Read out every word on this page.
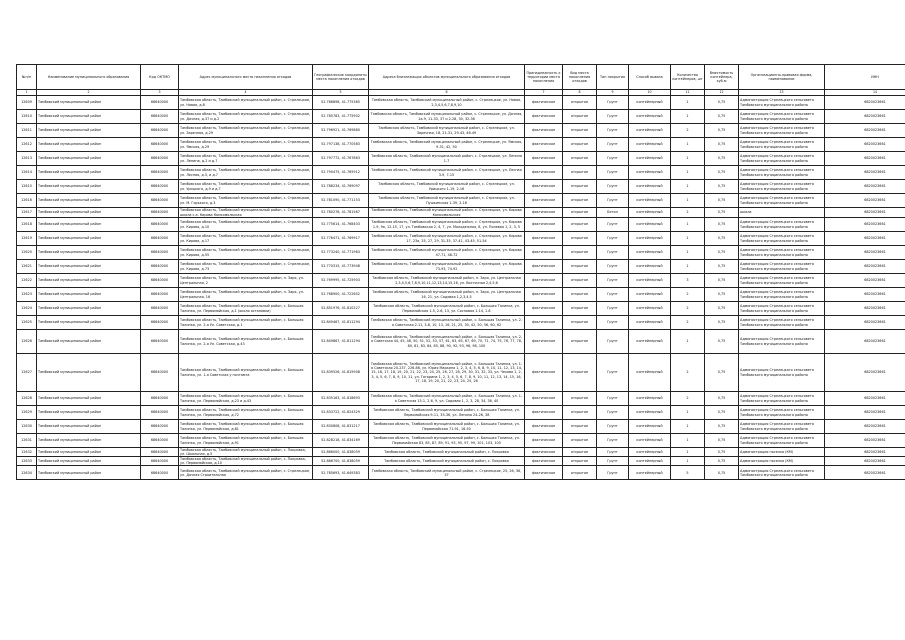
№п/п	Наименование муниципального образования	Код ОКТМО	Адрес муниципального места накопления отходов	Географические координаты места накопления отходов	Адреса близлежащих объектов муниципального образования отходов	Принадлежность к территории места накопления	Вид места накопления отходов	Тип покрытия	Способ вывоза	Количество контейнеров, шт	Вместимость контейнера, куб.м	Организационно-правовая форма, наименование	ИНН
1	2	3	4	5	6	7	8	9	10	11	12	13	14
12609	Тамбовский муниципальный район	68640000	Тамбовская область, Тамбовский муниципальный район, с. Стрелецкое, ул. Новая, д.8	52.786898, 41.775365	Тамбовская область, Тамбовский муниципальный район, с. Стрелецкое, ул. Новая, 2,3,4,5,6,7,8,9,10	фактическое	открытое	Грунт	контейнерный	1	0,75	Администрация Стрелецкого сельсовета Тамбовского муниципального района	6820023661
12610	Тамбовский муниципальный район	68640000	Тамбовская область, Тамбовский муниципальный район, с. Стрелецкое, ул. Дачная, д.37 и д.2	52.785783, 41.775902	Тамбовская область, Тамбовский муниципальный район, с. Стрелецкое, ул. Дачная, 1а-9, 11-33, 37 и 2-28, 30, 32-36	фактическое	открытое	Грунт	контейнерный	1	0,75	Администрация Стрелецкого сельсовета Тамбовского муниципального района	6820023661
12611	Тамбовский муниципальный район	68640000	Тамбовская область, Тамбовский муниципальный район, с. Стрелецкое, ул. Заречная, д.29	52.796921, 41.769880	Тамбовская область, Тамбовский муниципальный район, с. Стрелецкое, ул. Заречная, 18, 21-31, 29-43, 46-49	фактическое	открытое	Грунт	контейнерный	2	0,75	Администрация Стрелецкого сельсовета Тамбовского муниципального района	6820023661
12612	Тамбовский муниципальный район	68640000	Тамбовская область, Тамбовский муниципальный район, с. Стрелецкое, ул. Ямская, д.29	52.797138, 41.770583	Тамбовская область, Тамбовский муниципальный район, с. Стрелецкое, ул. Ямская, 9-31, 42, 50	фактическое	открытое	Грунт	контейнерный	1	0,75	Администрация Стрелецкого сельсовета Тамбовского муниципального района	6820023661
12613	Тамбовский муниципальный район	68640000	Тамбовская область, Тамбовский муниципальный район, с. Стрелецкое, ул. Ленина, д.2 и д.7	52.797772, 41.767863	Тамбовская область, Тамбовский муниципальный район, с. Стрелецкое, ул. Ленина 1-7	фактическое	открытое	Грунт	контейнерный	1	0,75	Администрация Стрелецкого сельсовета Тамбовского муниципального района	6820023661
12614	Тамбовский муниципальный район	68640000	Тамбовская область, Тамбовский муниципальный район, с. Стрелецкое, ул. Лесная, д.3, и д.7	52.790475, 41.765912	Тамбовская область, Тамбовский муниципальный район, с. Стрелецкое, ул. Лесная 3-9, 7-15	фактическое	открытое	Грунт	контейнерный	1	0,75	Администрация Стрелецкого сельсовета Тамбовского муниципального района	6820023661
12615	Тамбовский муниципальный район	68640000	Тамбовская область, Тамбовский муниципальный район, с. Стрелецкое, ул. Урицкого, д.9 и д.7	52.788234, 41.769097	Тамбовская область, Тамбовский муниципальный район, с. Стрелецкое, ул. Урицкого 1-19, 2-16	фактическое	открытое	Грунт	контейнерный	1	0,75	Администрация Стрелецкого сельсовета Тамбовского муниципального района	6820023661
12616	Тамбовский муниципальный район	68640000	Тамбовская область, Тамбовский муниципальный район, с. Стрелецкое, ул. М. Горького, д.3	52.781090, 41.771153	Тамбовская область, Тамбовский муниципальный район, с. Стрелецкое, ул. Пушкинская 1-39, 2-16	фактическое	открытое	Грунт	контейнерный	1	0,75	Администрация Стрелецкого сельсовета Тамбовского муниципального района	6820023661
12617	Тамбовский муниципальный район	68640000	Тамбовская область, Тамбовский муниципальный район, с. Стрелецкое школа с.а. Кирова Комсомольская	52.780278, 41.781567	Тамбовская область, Тамбовский муниципальный район, с. Стрелецкое, ул. Кирова Комсомольская	фактическое	открытое	Бетон	контейнерный	2	0,75	школа	6820023661
12618	Тамбовский муниципальный район	68640000	Тамбовская область, Тамбовский муниципальный район, с. Стрелецкое, ул. Кирова, д.10	52.775614, 41.768403	Тамбовская область, Тамбовский муниципальный район, с. Стрелецкое, ул. Кирова 1-9, 9а, 12-15, 17, ул. Тамбовская 2, 4, 7, ул. Молодежная, 8, ул. Полевая 1, 2, 3, 5	фактическое	открытое	Грунт	контейнерный	1	0,75	Администрация Стрелецкого сельсовета Тамбовского муниципального района	6820023661
12619	Тамбовский муниципальный район	68640000	Тамбовская область, Тамбовский муниципальный район, с. Стрелецкое, ул. Кирова, д.17	52.776471, 41.769917	Тамбовская область, Тамбовский муниципальный район, с. Стрелецкое, ул. Кирова 17, 23а, 25, 27, 29, 31-35, 37-41, 43-45, 51-54	фактическое	открытое	Грунт	контейнерный	1	0,75	Администрация Стрелецкого сельсовета Тамбовского муниципального района	6820023661
12620	Тамбовский муниципальный район	68640000	Тамбовская область, Тамбовский муниципальный район, с. Стрелецкое, ул. Кирова, д.55	52.773240, 41.771963	Тамбовская область, Тамбовский муниципальный район, с. Стрелецкое, ул. Кирова 47-71, 48-72	фактическое	открытое	Грунт	контейнерный	1	0,75	Администрация Стрелецкого сельсовета Тамбовского муниципального района	6820023661
12621	Тамбовский муниципальный район	68640000	Тамбовская область, Тамбовский муниципальный район, с. Стрелецкое, ул. Кирова, д.73	52.770315, 41.773948	Тамбовская область, Тамбовский муниципальный район, с. Стрелецкое, ул. Кирова 73-93, 74-92	фактическое	открытое	Грунт	контейнерный	1	0,75	Администрация Стрелецкого сельсовета Тамбовского муниципального района	6820023661
12622	Тамбовский муниципальный район	68640000	Тамбовская область, Тамбовский муниципальный район, п. Заря, ул. Центральная, 2	52.769995, 41.725903	Тамбовская область, Тамбовский муниципальный район, п. Заря, ул. Центральная 2,3,4,5,6,7,8,9,10,11,12,13,14,15,16, ул. Восточная 2,4,5,6	фактическое	открытое	Грунт	контейнерный	3	0,75	Администрация Стрелецкого сельсовета Тамбовского муниципального района	6820023661
12623	Тамбовский муниципальный район	68640000	Тамбовская область, Тамбовский муниципальный район, п. Заря, ул. Центральная, 16	52.768900, 41.722652	Тамбовская область, Тамбовский муниципальный район, п. Заря, ул. Центральная 16, 21, ул. Садовая 1,2,3,4,5	фактическое	открытое	Грунт	контейнерный	2	0,75	Администрация Стрелецкого сельсовета Тамбовского муниципального района	6820023661
12624	Тамбовский муниципальный район	68640000	Тамбовская область, Тамбовский муниципальный район, с. Большая Талинка, ул. Первомайская, д.1 (около остановки)	52.851976, 41.810227	Тамбовская область, Тамбовский муниципальный район, с. Большая Талинка, ул. Первомайская 1-5, 2-6, 13, ул. Сосновая 1-14, 1-6	фактическое	открытое	Грунт	контейнерный	2	0,75	Администрация Стрелецкого сельсовета Тамбовского муниципального района	6820023661
12625	Тамбовский муниципальный район	68640000	Тамбовская область, Тамбовский муниципальный район, с. Большая Талинка, ул. 2-я Ул. Советская, д.1	52.849467, 41.811294	Тамбовская область, Тамбовский муниципальный район, с. Большая Талинка, ул. 2-я Советская 2-11, 3-8, 10, 13, 16, 21, 25, 30, 42, 50, 56, 60, 62	фактическое	открытое	Грунт	контейнерный	2	0,75	Администрация Стрелецкого сельсовета Тамбовского муниципального района	6820023661
12626	Тамбовский муниципальный район	68640000	Тамбовская область, Тамбовский муниципальный район, с. Большая Талинка, ул. 2-я Ул. Советская, д.43	52.849867, 41.811294	Тамбовская область, Тамбовский муниципальный район, с. Большая Талинка, ул. 2-я Советская 44, 45, 48, 50, 51, 52, 53, 57, 61, 63, 65, 67, 69, 70, 71, 74, 75, 76, 77, 78, 80, 81, 83, 84, 85, 88, 90, 92, 93, 96, 98, 100	фактическое	открытое	Грунт	контейнерный	1	0,75	Администрация Стрелецкого сельсовета Тамбовского муниципального района	6820023661
12627	Тамбовский муниципальный район	68640000	Тамбовская область, Тамбовский муниципальный район, с. Большая Талинка, ул. 1-я Советская у почтамта	52.839526, 41.815908	Тамбовская область, Тамбовский муниципальный район, с. Большая Талинка, ул. 1-я Советская 20-237, 226-86, ул. Юрия Маркина 1, 2, 3, 4, 5, 6, 8, 9, 10, 11, 12, 13, 14, 15, 16, 17, 18, 19, 20, 21, 22, 23, 24, 25, 26, 27, 28, 29, 30, 31, 32, 33, ул. Чехова 1, 2, 3, 4, 5, 6, 7, 8, 9, 10, 11, ул. Гагарина 1, 2, 3, 4, 5, 6, 7, 8, 9, 10, 11, 12, 13, 14, 15, 16, 17, 18, 19, 20, 21, 22, 23, 24, 25, 26	фактическое	открытое	Грунт	контейнерный	2	0,75	Администрация Стрелецкого сельсовета Тамбовского муниципального района	6820023661
12628	Тамбовский муниципальный район	68640000	Тамбовская область, Тамбовский муниципальный район, с. Большая Талинка, ул. Первомайская, д.23 и д.43	52.835163, 41.818693	Тамбовская область, Тамбовский муниципальный район, с. Большая Талинка, ул. 1-я Советская 15-1, 2-6, 9, ул. Садовая 1, 2, 3, 28, 34, 36, 40	фактическое	открытое	Грунт	контейнерный	2	0,75	Администрация Стрелецкого сельсовета Тамбовского муниципального района	6820023661
12629	Тамбовский муниципальный район	68640000	Тамбовская область, Тамбовский муниципальный район, с. Большая Талинка, ул. Первомайская, д.72	52.833722, 41.824329	Тамбовская область, Тамбовский муниципальный район, с. Большая Талинка, ул. Первомайская 9-11, 35-36, ул. Ленина 24-26, 38	фактическое	открытое	Грунт	контейнерный	1	0,75	Администрация Стрелецкого сельсовета Тамбовского муниципального района	6820023661
12630	Тамбовский муниципальный район	68640000	Тамбовская область, Тамбовский муниципальный район, с. Большая Талинка, ул. Первомайская, д.81	52.830808, 41.831217	Тамбовская область, Тамбовский муниципальный район, с. Большая Талинка, ул. Первомайская 71-91, 16-50	фактическое	открытое	Грунт	контейнерный	1	0,75	Администрация Стрелецкого сельсовета Тамбовского муниципального района	6820023661
12631	Тамбовский муниципальный район	68640000	Тамбовская область, Тамбовский муниципальный район, с. Большая Талинка, ул. Первомайская, д.91	52.828218, 41.834169	Тамбовская область, Тамбовский муниципальный район, с. Большая Талинка, ул. Первомайская 83, 85, 87, 89, 91, 93, 95, 97, 99, 101, 103, 105	фактическое	открытое	Грунт	контейнерный	1	0,75	Администрация Стрелецкого сельсовета Тамбовского муниципального района	6820023661
12632	Тамбовский муниципальный район	68640000	Тамбовская область, Тамбовский муниципальный район, с. Покровка, ул. Школьная, д.5	52.866000, 41.838059	Тамбовская область, Тамбовский муниципальный район, с. Покровка	фактическое	открытое	Грунт	контейнерный	1	0,75	Администрация поселка (КМ)	6820023661
12633	Тамбовский муниципальный район	68640000	Тамбовская область, Тамбовский муниципальный район, с. Покровка, ул. Первомайская, д.10	52.866700, 41.838059	Тамбовская область, Тамбовский муниципальный район, с. Покровка	фактическое	открытое	Грунт	контейнерный	1	0,75	Администрация поселка (КМ)	6820023661
12634	Тамбовский муниципальный район	68640000	Тамбовская область, Тамбовский муниципальный район, с. Стрелецкое, ул. Дачная Строительная	52.785693, 41.649383	Тамбовская область, Тамбовский муниципальный район, с. Стрелецкое, 25, 26, 36, 37	фактическое	открытое	Грунт	контейнерный	5	0,75	Администрация Стрелецкого сельсовета Тамбовского муниципального района	6820023661
